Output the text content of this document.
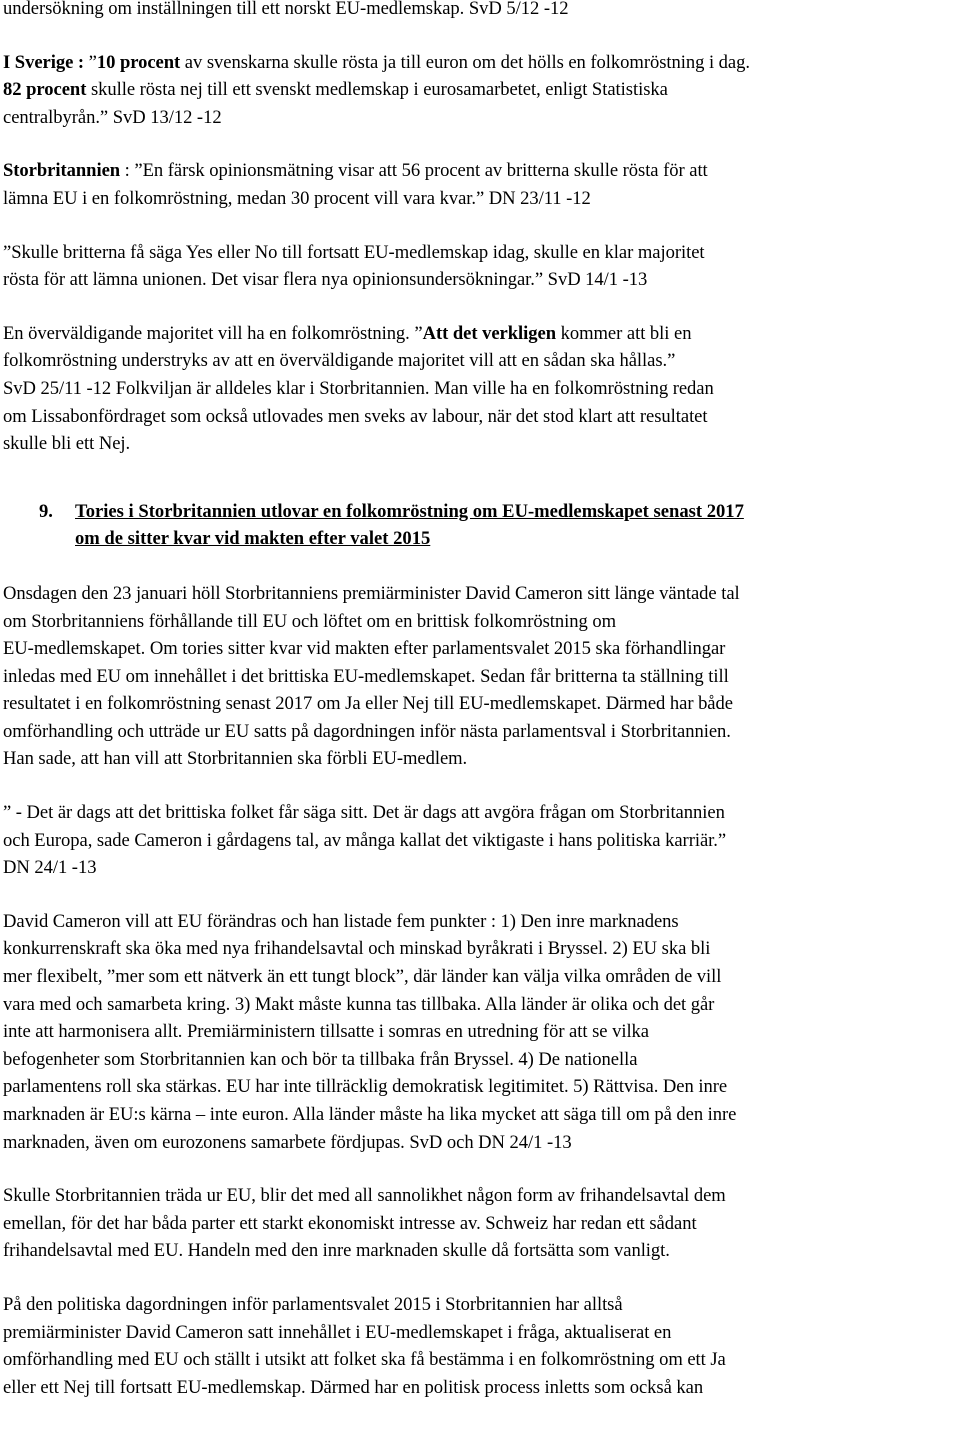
undersökning om inställningen till ett norskt EU-medlemskap. SvD 5/12 -12

I Sverige : ”10 procent av svenskarna skulle rösta ja till euron om det hölls en folkomröstning i dag.
82 procent skulle rösta nej till ett svenskt medlemskap i eurosamarbetet, enligt Statistiska
centralbyrån.” SvD 13/12 -12

Storbritannien : ”En färsk opinionsmätning visar att 56 procent av britterna skulle rösta för att
lämna EU i en folkomröstning, medan 30 procent vill vara kvar.” DN 23/11 -12

”Skulle britterna få säga Yes eller No till fortsatt EU-medlemskap idag, skulle en klar majoritet
rösta för att lämna unionen. Det visar flera nya opinionsundersökningar.” SvD 14/1 -13

En överväldigande majoritet vill ha en folkomröstning. ”Att det verkligen kommer att bli en
folkomröstning understryks av att en överväldigande majoritet vill att en sådan ska hållas.”
SvD 25/11 -12 Folkviljan är alldeles klar i Storbritannien. Man ville ha en folkomröstning redan
om Lissabonfördraget som också utlovades men sveks av labour, när det stod klart att resultatet
skulle bli ett Nej.

9.	Tories i Storbritannien utlovar en folkomröstning om EU-medlemskapet senast 2017
om de sitter kvar vid makten efter valet 2015

Onsdagen den 23 januari höll Storbritanniens premiärminister David Cameron sitt länge väntade tal
om Storbritanniens förhållande till EU och löftet om en brittisk folkomröstning om
EU-medlemskapet. Om tories sitter kvar vid makten efter parlamentsvalet 2015 ska förhandlingar
inledas med EU om innehållet i det brittiska EU-medlemskapet. Sedan får britterna ta ställning till
resultatet i en folkomröstning senast 2017 om Ja eller Nej till EU-medlemskapet. Därmed har både
omförhandling och utträde ur EU satts på dagordningen inför nästa parlamentsval i Storbritannien.
Han sade, att han vill att Storbritannien ska förbli EU-medlem.

” - Det är dags att det brittiska folket får säga sitt. Det är dags att avgöra frågan om Storbritannien
och Europa, sade Cameron i gårdagens tal, av många kallat det viktigaste i hans politiska karriär.”
DN 24/1 -13

David Cameron vill att EU förändras och han listade fem punkter : 1) Den inre marknadens
konkurrenskraft ska öka med nya frihandelsavtal och minskad byråkrati i Bryssel. 2) EU ska bli
mer flexibelt, ”mer som ett nätverk än ett tungt block”, där länder kan välja vilka områden de vill
vara med och samarbeta kring. 3) Makt måste kunna tas tillbaka. Alla länder är olika och det går
inte att harmonisera allt. Premiärministern tillsatte i somras en utredning för att se vilka
befogenheter som Storbritannien kan och bör ta tillbaka från Bryssel. 4) De nationella
parlamentens roll ska stärkas. EU har inte tillräcklig demokratisk legitimitet. 5) Rättvisa. Den inre
marknaden är EU:s kärna – inte euron. Alla länder måste ha lika mycket att säga till om på den inre
marknaden, även om eurozonens samarbete fördjupas. SvD och DN 24/1 -13

Skulle Storbritannien träda ur EU, blir det med all sannolikhet någon form av frihandelsavtal dem
emellan, för det har båda parter ett starkt ekonomiskt intresse av. Schweiz har redan ett sådant
frihandelsavtal med EU. Handeln med den inre marknaden skulle då fortsätta som vanligt.

På den politiska dagordningen inför parlamentsvalet 2015 i Storbritannien har alltså
premiärminister David Cameron satt innehållet i EU-medlemskapet i fråga, aktualiserat en
omförhandling med EU och ställt i utsikt att folket ska få bestämma i en folkomröstning om ett Ja
eller ett Nej till fortsatt EU-medlemskap. Därmed har en politisk process inletts som också kan
